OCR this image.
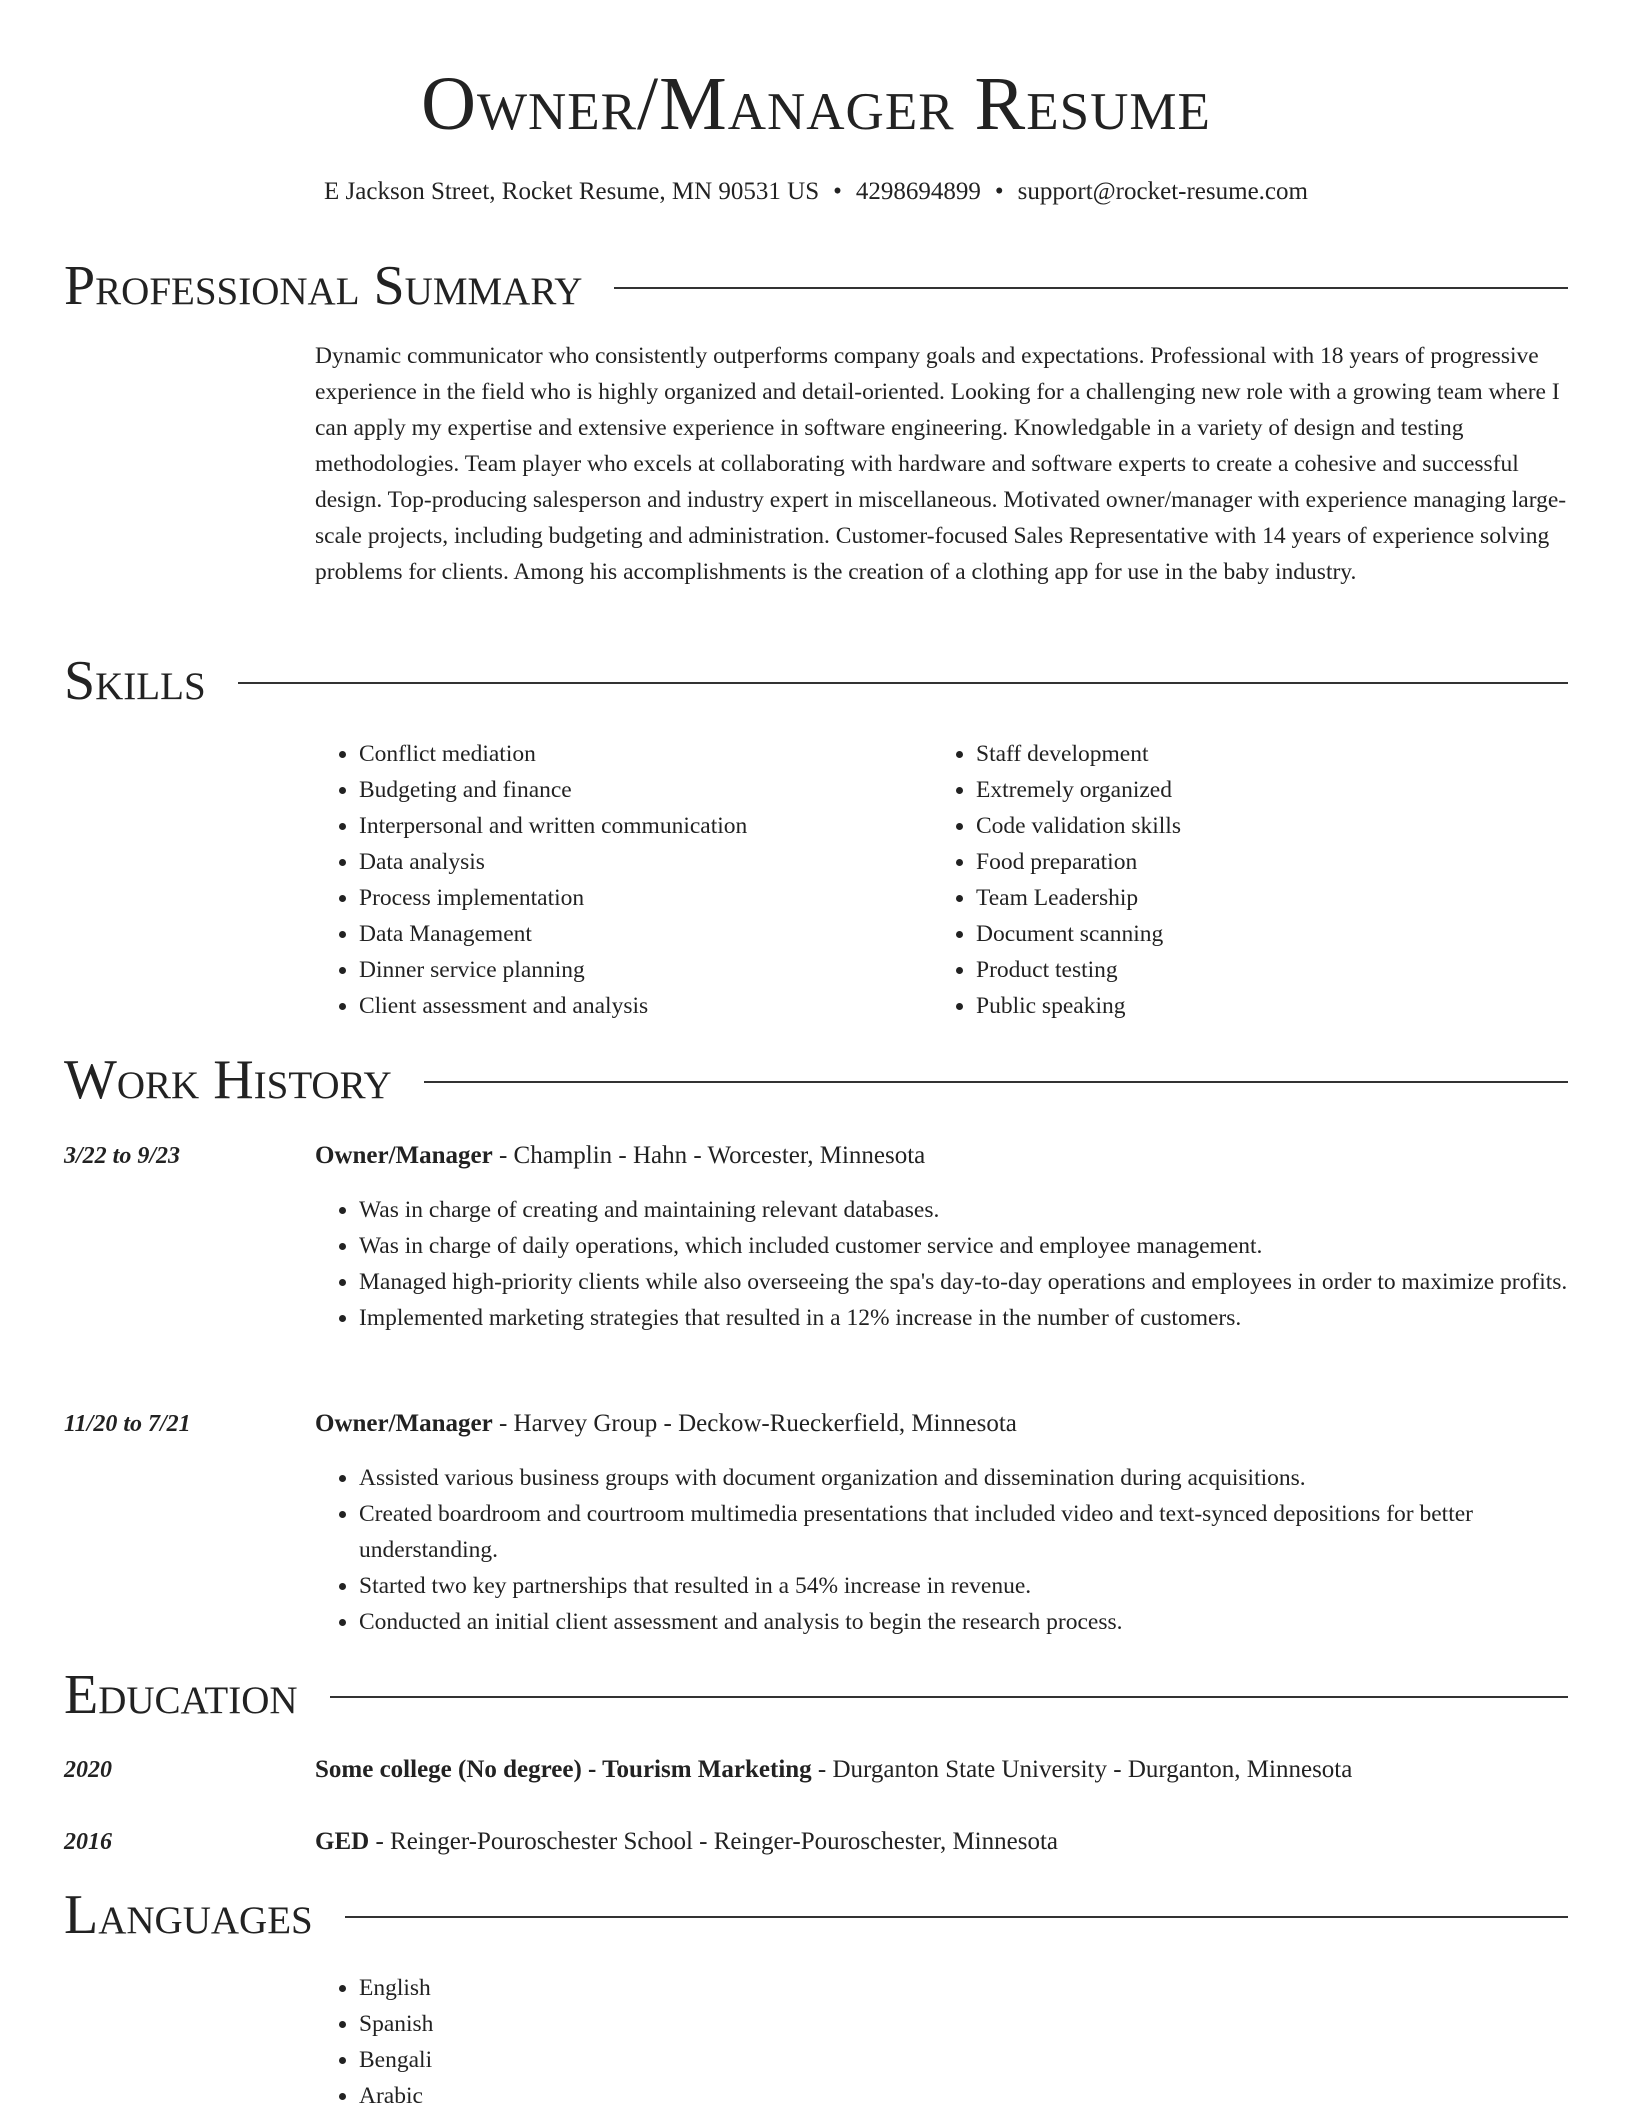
Owner/Manager Resume
E Jackson Street, Rocket Resume, MN 90531 US • 4298694899 • support@rocket-resume.com
Professional Summary

Dynamic communicator who consistently outperforms company goals and expectations. Professional with 18 years of progressive experience in the field who is highly organized and detail-oriented. Looking for a challenging new role with a growing team where I can apply my expertise and extensive experience in software engineering. Knowledgable in a variety of design and testing methodologies. Team player who excels at collaborating with hardware and software experts to create a cohesive and successful design. Top-producing salesperson and industry expert in miscellaneous. Motivated owner/manager with experience managing large-scale projects, including budgeting and administration. Customer-focused Sales Representative with 14 years of experience solving problems for clients. Among his accomplishments is the creation of a clothing app for use in the baby industry.

Skills
• Conflict mediation
• Budgeting and finance
• Interpersonal and written communication
• Data analysis
• Process implementation
• Data Management
• Dinner service planning
• Client assessment and analysis
• Staff development
• Extremely organized
• Code validation skills
• Food preparation
• Team Leadership
• Document scanning
• Product testing
• Public speaking
Work History
3/22 to 9/23	Owner/Manager - Champlin - Hahn - Worcester, Minnesota
• Was in charge of creating and maintaining relevant databases.
• Was in charge of daily operations, which included customer service and employee management.
• Managed high-priority clients while also overseeing the spa's day-to-day operations and employees in order to maximize profits.
• Implemented marketing strategies that resulted in a 12% increase in the number of customers.
11/20 to 7/21	Owner/Manager - Harvey Group - Deckow-Rueckerfield, Minnesota
• Assisted various business groups with document organization and dissemination during acquisitions.
• Created boardroom and courtroom multimedia presentations that included video and text-synced depositions for better understanding.
• Started two key partnerships that resulted in a 54% increase in revenue.
• Conducted an initial client assessment and analysis to begin the research process.
Education
2020	Some college (No degree) - Tourism Marketing - Durganton State University - Durganton, Minnesota
2016	GED - Reinger-Pouroschester School - Reinger-Pouroschester, Minnesota
Languages
• English
• Spanish
• Bengali
• Arabic
